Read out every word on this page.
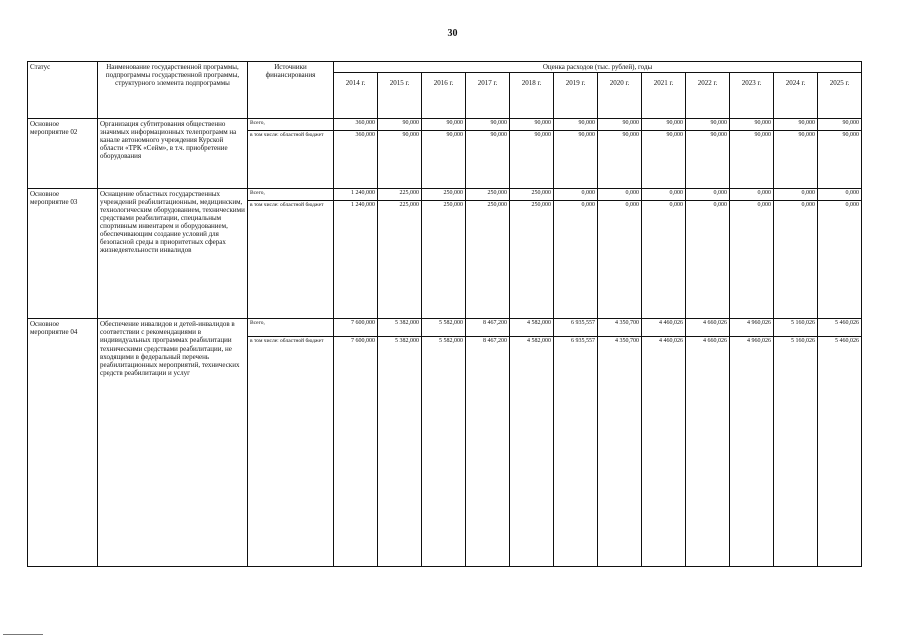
30
Статус	Наименование государственной программы, подпрограммы государственной программы, структурного элемента подпрограммы	Источники финансирования	Оценка расходов (тыс. рублей), годы											
			2014 г.	2015 г.	2016 г.	2017 г.	2018 г.	2019 г.	2020 г.	2021 г.	2022 г.	2023 г.	2024 г.	2025 г.
Основное мероприятие 02	Организация субтитрования общественно значимых информационных телепрограмм на канале автономного учреждения Курской области «ТРК «Сейм», в т.ч. приобретение оборудования	Всего,	360,000	90,000	90,000	90,000	90,000	90,000	90,000	90,000	90,000	90,000	90,000	90,000
		в том числе: областной бюджет	360,000	90,000	90,000	90,000	90,000	90,000	90,000	90,000	90,000	90,000	90,000	90,000
Основное мероприятие 03	Оснащение областных государственных учреждений реабилитационным, медицинским, технологическим оборудованием, техническими средствами реабилитации, специальным спортивным инвентарем и оборудованием, обеспечивающим создание условий для безопасной среды в приоритетных сферах жизнедеятельности инвалидов	Всего,	1 240,000	225,000	250,000	250,000	250,000	0,000	0,000	0,000	0,000	0,000	0,000	0,000
		в том числе: областной бюджет	1 240,000	225,000	250,000	250,000	250,000	0,000	0,000	0,000	0,000	0,000	0,000	0,000
Основное мероприятие 04	Обеспечение инвалидов и детей-инвалидов в соответствии с рекомендациями в индивидуальных программах реабилитации техническими средствами реабилитации, не входящими в федеральный перечень реабилитационных мероприятий, технических средств реабилитации и услуг	Всего,	7 600,000	5 382,000	5 582,000	8 467,200	4 582,000	6 935,557	4 350,700	4 460,026	4 660,026	4 960,026	5 160,026	5 460,026
		в том числе: областной бюджет	7 600,000	5 382,000	5 582,000	8 467,200	4 582,000	6 935,557	4 350,700	4 460,026	4 660,026	4 960,026	5 160,026	5 460,026
